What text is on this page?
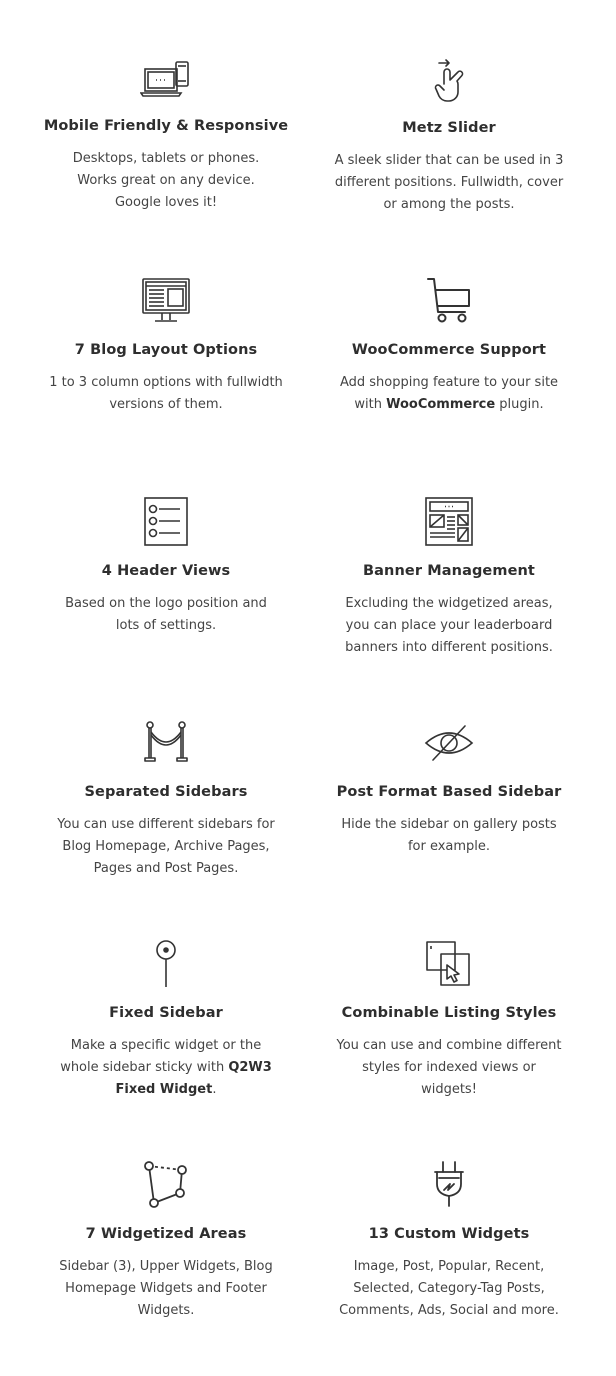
Mobile Friendly & Responsive
Desktops, tablets or phones.
Works great on any device.
Google loves it!
Metz Slider
A sleek slider that can be used in 3
different positions. Fullwidth, cover
or among the posts.
7 Blog Layout Options
1 to 3 column options with fullwidth
versions of them.
WooCommerce Support
Add shopping feature to your site
with WooCommerce plugin.
4 Header Views
Based on the logo position and
lots of settings.
Banner Management
Excluding the widgetized areas,
you can place your leaderboard
banners into different positions.
Separated Sidebars
You can use different sidebars for
Blog Homepage, Archive Pages,
Pages and Post Pages.
Post Format Based Sidebar
Hide the sidebar on gallery posts
for example.
Fixed Sidebar
Make a specific widget or the
whole sidebar sticky with Q2W3
Fixed Widget.
Combinable Listing Styles
You can use and combine different
styles for indexed views or
widgets!
7 Widgetized Areas
Sidebar (3), Upper Widgets, Blog
Homepage Widgets and Footer
Widgets.
13 Custom Widgets
Image, Post, Popular, Recent,
Selected, Category-Tag Posts,
Comments, Ads, Social and more.
